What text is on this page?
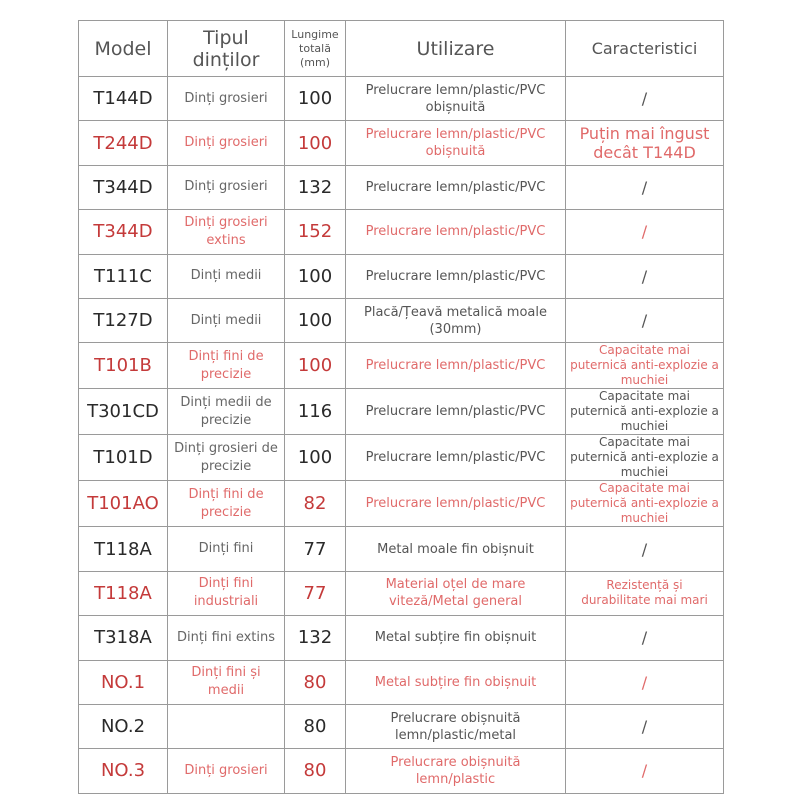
Model	Tipul dinților	Lungime totală (mm)	Utilizare	Caracteristici
T144D	Dinți grosieri	100	Prelucrare lemn/plastic/PVC obișnuită	/
T244D	Dinți grosieri	100	Prelucrare lemn/plastic/PVC obișnuită	Puțin mai îngust decât T144D
T344D	Dinți grosieri	132	Prelucrare lemn/plastic/PVC	/
T344D	Dinți grosieri extins	152	Prelucrare lemn/plastic/PVC	/
T111C	Dinți medii	100	Prelucrare lemn/plastic/PVC	/
T127D	Dinți medii	100	Placă/Țeavă metalică moale (30mm)	/
T101B	Dinți fini de precizie	100	Prelucrare lemn/plastic/PVC	Capacitate mai puternică anti-explozie a muchiei
T301CD	Dinți medii de precizie	116	Prelucrare lemn/plastic/PVC	Capacitate mai puternică anti-explozie a muchiei
T101D	Dinți grosieri de precizie	100	Prelucrare lemn/plastic/PVC	Capacitate mai puternică anti-explozie a muchiei
T101AO	Dinți fini de precizie	82	Prelucrare lemn/plastic/PVC	Capacitate mai puternică anti-explozie a muchiei
T118A	Dinți fini	77	Metal moale fin obișnuit	/
T118A	Dinți fini industriali	77	Material oțel de mare viteză/Metal general	Rezistență și durabilitate mai mari
T318A	Dinți fini extins	132	Metal subțire fin obișnuit	/
NO.1	Dinți fini și medii	80	Metal subțire fin obișnuit	/
NO.2		80	Prelucrare obișnuită lemn/plastic/metal	/
NO.3	Dinți grosieri	80	Prelucrare obișnuită lemn/plastic	/
